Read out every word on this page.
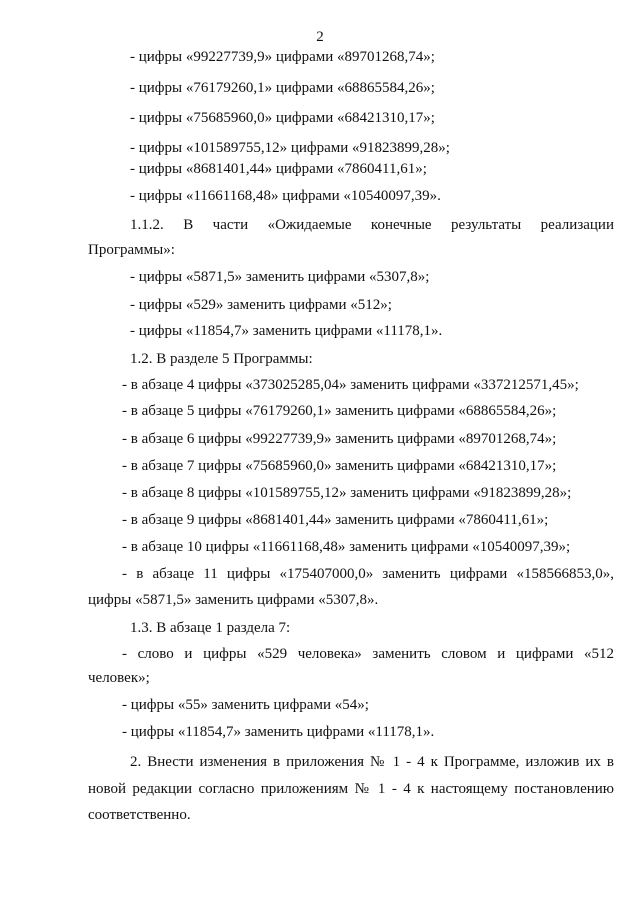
2
- цифры «99227739,9» цифрами «89701268,74»;
- цифры «76179260,1» цифрами «68865584,26»;
- цифры «75685960,0» цифрами «68421310,17»;
- цифры «101589755,12» цифрами «91823899,28»;
- цифры «8681401,44» цифрами «7860411,61»;
- цифры «11661168,48» цифрами «10540097,39».
1.1.2. В части «Ожидаемые конечные результаты реализации
Программы»:
- цифры «5871,5» заменить цифрами «5307,8»;
- цифры «529» заменить цифрами «512»;
- цифры «11854,7» заменить цифрами «11178,1».
1.2. В разделе 5 Программы:
- в абзаце 4 цифры «373025285,04» заменить цифрами «337212571,45»;
- в абзаце 5 цифры «76179260,1» заменить цифрами «68865584,26»;
- в абзаце 6 цифры «99227739,9» заменить цифрами «89701268,74»;
- в абзаце 7 цифры «75685960,0» заменить цифрами «68421310,17»;
- в абзаце 8 цифры «101589755,12» заменить цифрами «91823899,28»;
- в абзаце 9 цифры «8681401,44» заменить цифрами «7860411,61»;
- в абзаце 10 цифры «11661168,48» заменить цифрами «10540097,39»;
- в абзаце 11 цифры «175407000,0» заменить цифрами «158566853,0»,
цифры «5871,5» заменить цифрами «5307,8».
1.3. В абзаце 1 раздела 7:
- слово и цифры «529 человека» заменить словом и цифрами «512
человек»;
- цифры «55» заменить цифрами «54»;
- цифры «11854,7» заменить цифрами «11178,1».
2. Внести изменения в приложения № 1 - 4 к Программе, изложив их в
новой редакции согласно приложениям № 1 - 4 к настоящему постановлению
соответственно.
